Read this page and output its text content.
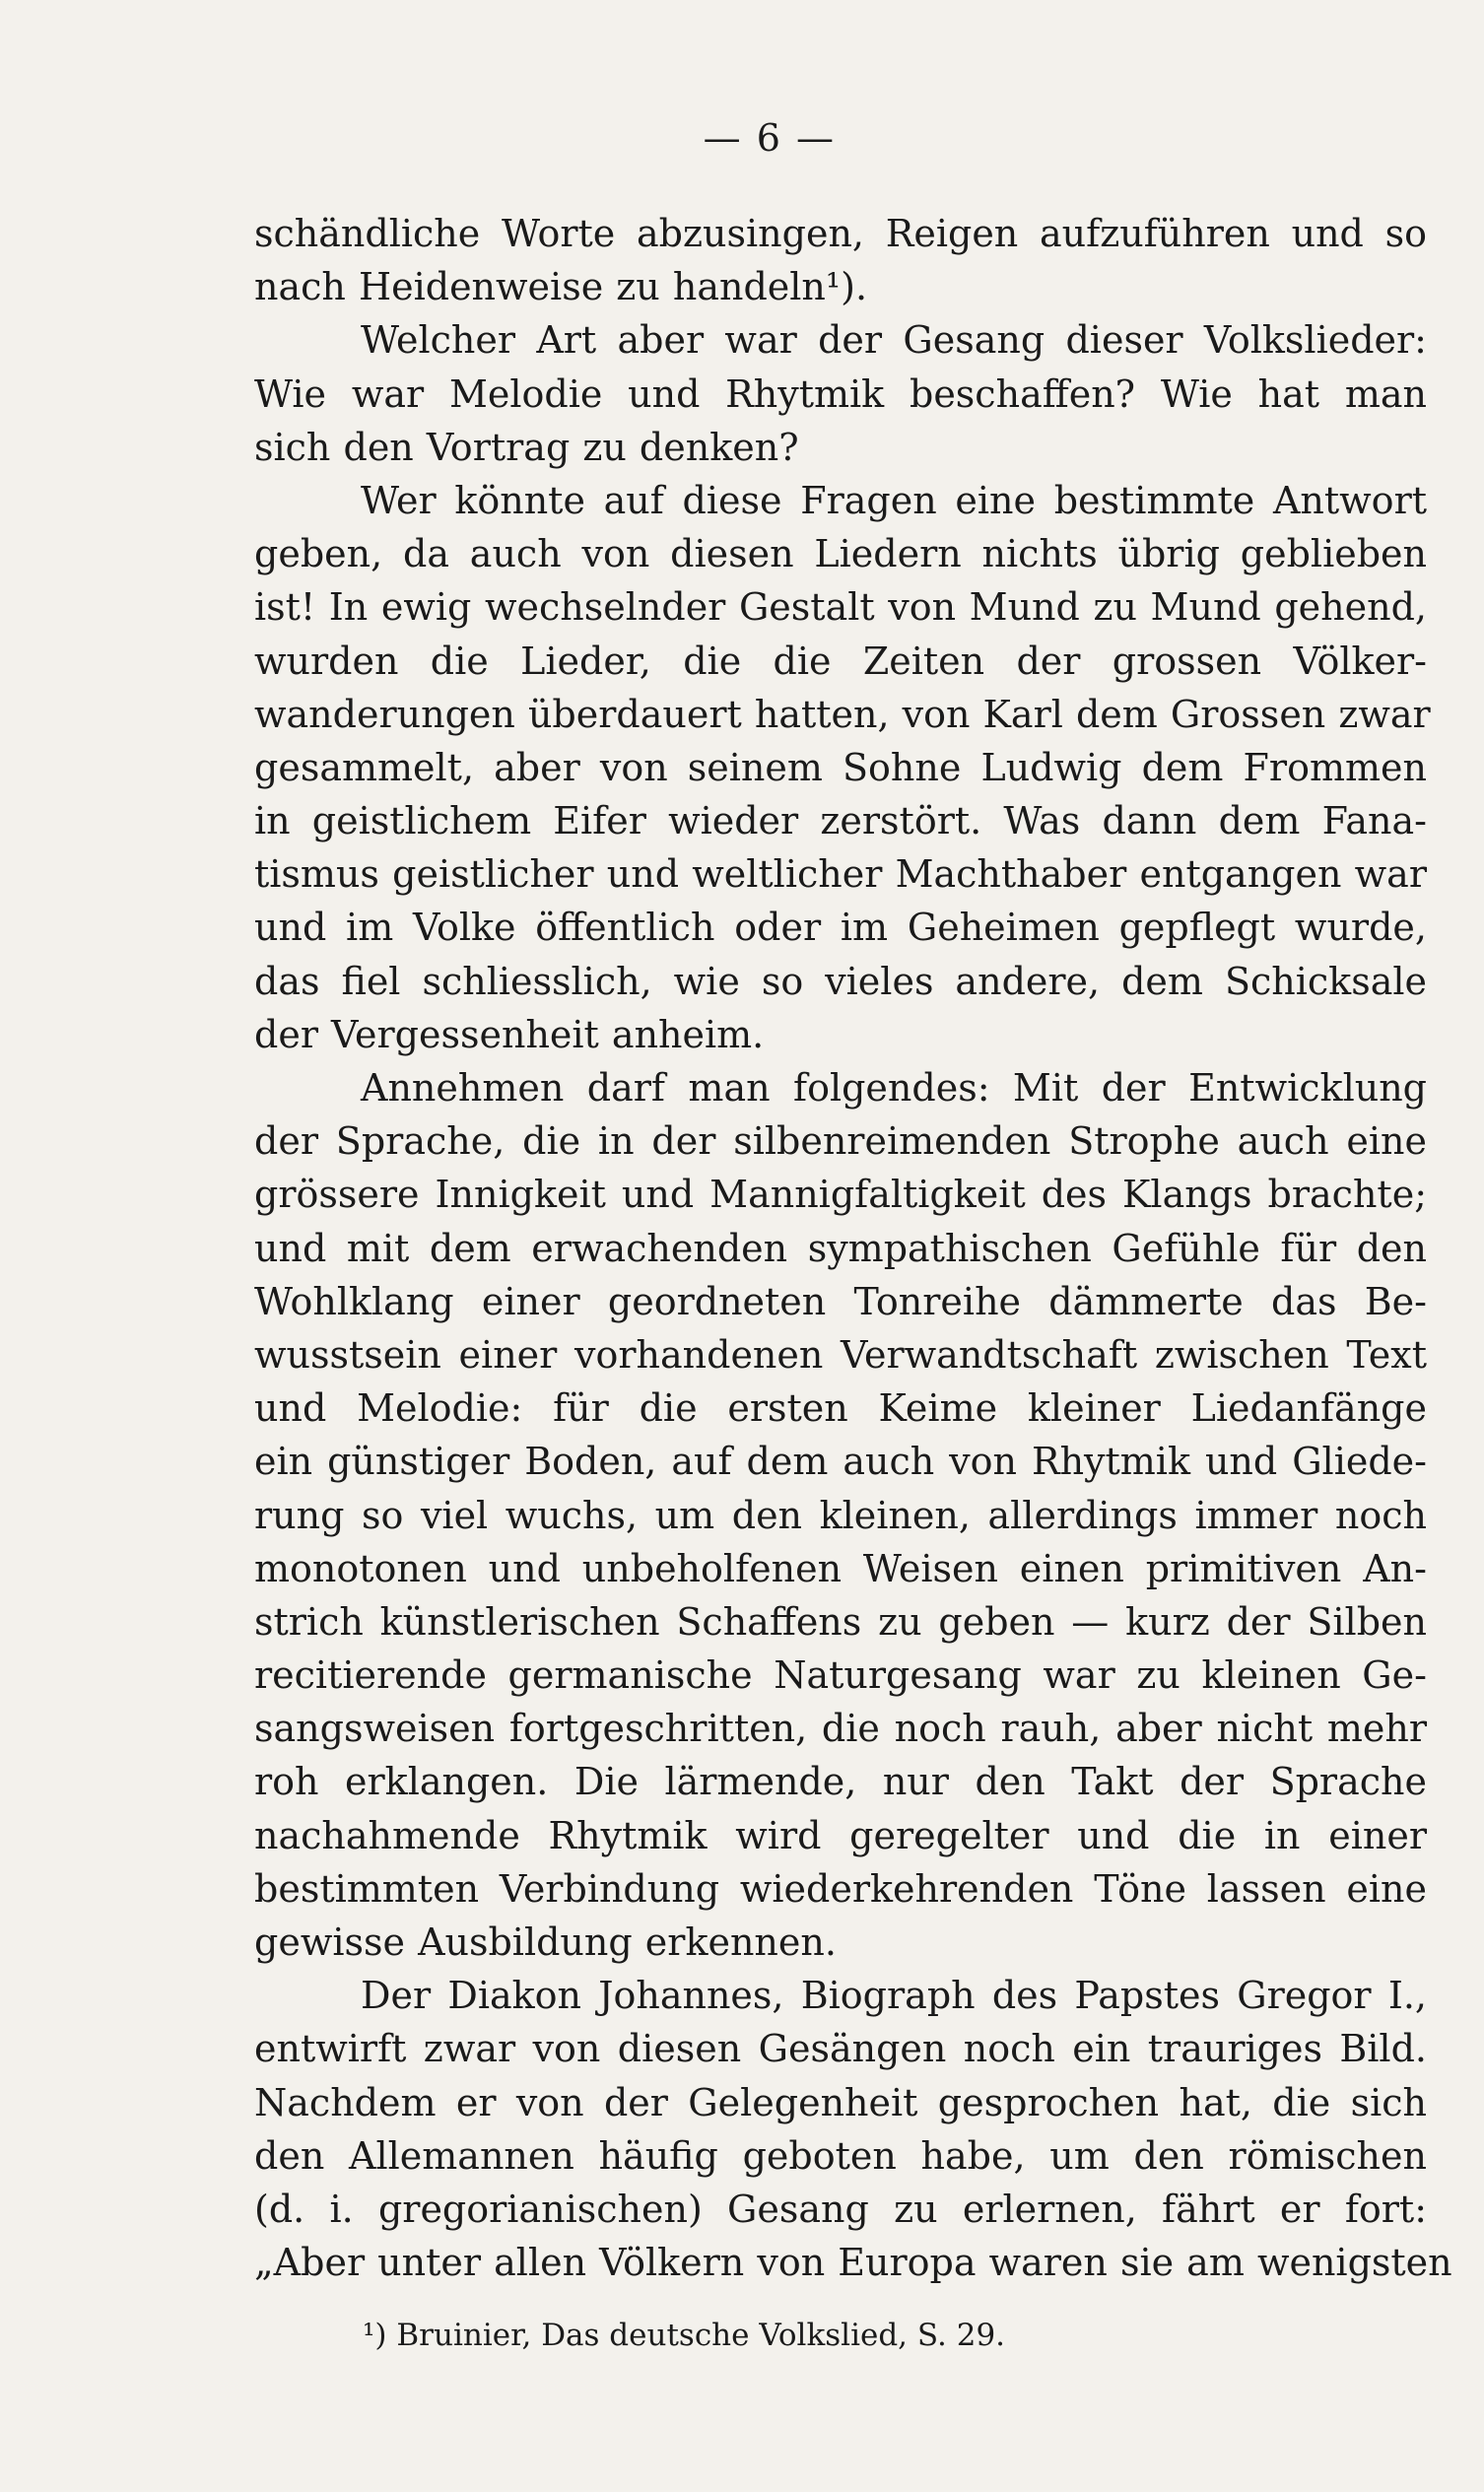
— 6 —
schändliche Worte abzusingen, Reigen aufzuführen und so
nach Heidenweise zu handeln¹).
Welcher Art aber war der Gesang dieser Volkslieder:
Wie war Melodie und Rhytmik beschaffen? Wie hat man
sich den Vortrag zu denken?
Wer könnte auf diese Fragen eine bestimmte Antwort
geben, da auch von diesen Liedern nichts übrig geblieben
ist! In ewig wechselnder Gestalt von Mund zu Mund gehend,
wurden die Lieder, die die Zeiten der grossen Völker-
wanderungen überdauert hatten, von Karl dem Grossen zwar
gesammelt, aber von seinem Sohne Ludwig dem Frommen
in geistlichem Eifer wieder zerstört. Was dann dem Fana-
tismus geistlicher und weltlicher Machthaber entgangen war
und im Volke öffentlich oder im Geheimen gepflegt wurde,
das fiel schliesslich, wie so vieles andere, dem Schicksale
der Vergessenheit anheim.
Annehmen darf man folgendes: Mit der Entwicklung
der Sprache, die in der silbenreimenden Strophe auch eine
grössere Innigkeit und Mannigfaltigkeit des Klangs brachte;
und mit dem erwachenden sympathischen Gefühle für den
Wohlklang einer geordneten Tonreihe dämmerte das Be-
wusstsein einer vorhandenen Verwandtschaft zwischen Text
und Melodie: für die ersten Keime kleiner Liedanfänge
ein günstiger Boden, auf dem auch von Rhytmik und Gliede-
rung so viel wuchs, um den kleinen, allerdings immer noch
monotonen und unbeholfenen Weisen einen primitiven An-
strich künstlerischen Schaffens zu geben — kurz der Silben
recitierende germanische Naturgesang war zu kleinen Ge-
sangsweisen fortgeschritten, die noch rauh, aber nicht mehr
roh erklangen. Die lärmende, nur den Takt der Sprache
nachahmende Rhytmik wird geregelter und die in einer
bestimmten Verbindung wiederkehrenden Töne lassen eine
gewisse Ausbildung erkennen.
Der Diakon Johannes, Biograph des Papstes Gregor I.,
entwirft zwar von diesen Gesängen noch ein trauriges Bild.
Nachdem er von der Gelegenheit gesprochen hat, die sich
den Allemannen häufig geboten habe, um den römischen
(d. i. gregorianischen) Gesang zu erlernen, fährt er fort:
„Aber unter allen Völkern von Europa waren sie am wenigsten
¹) Bruinier, Das deutsche Volkslied, S. 29.
